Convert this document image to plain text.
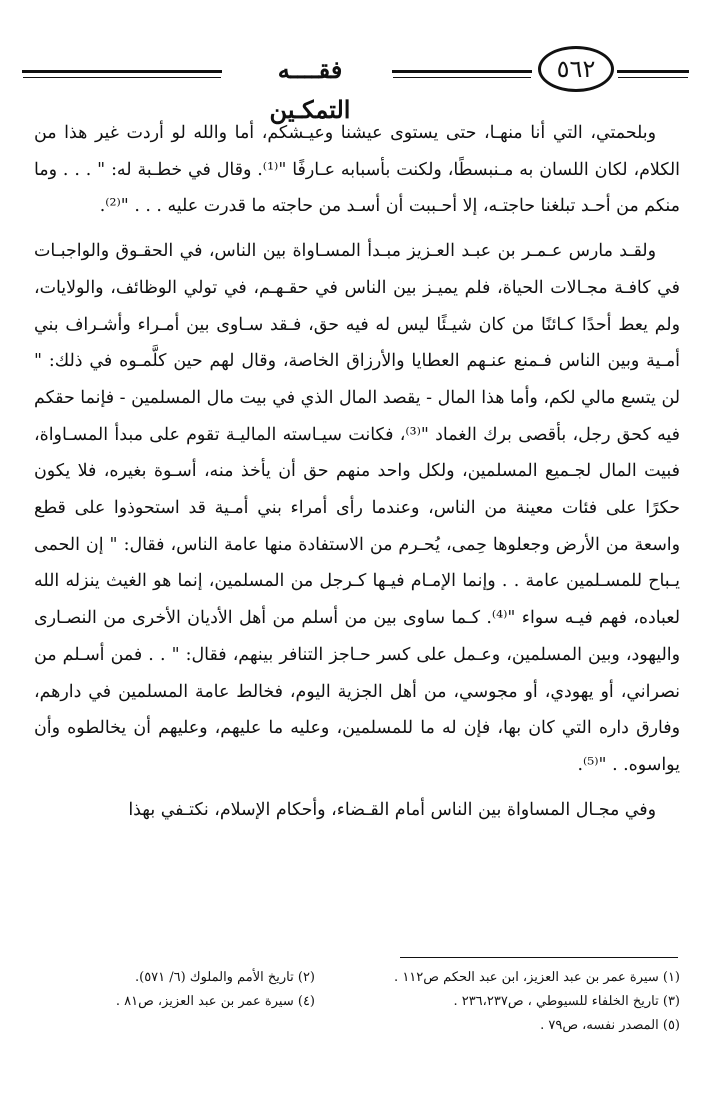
فقــــه التمكـين
٥٦٢

وبلحمتي، التي أنا منهـا، حتى يستوى عيشنا وعيـشكم، أما والله لو أردت غير هذا من الكلام، لكان اللسان به مـنبسطًا، ولكنت بأسبابه عـارفًا "⁽¹⁾. وقال في خطـبة له: " . . . وما منكم من أحـد تبلغنا حاجتـه، إلا أحـببت أن أسـد من حاجته ما قدرت عليه . . . "⁽²⁾.

ولقـد مارس عـمـر بن عبـد العـزيز مبـدأ المسـاواة بين الناس، في الحقـوق والواجبـات في كافـة مجـالات الحياة، فلم يميـز بين الناس في حقـهـم، في تولي الوظائف، والولايات، ولم يعط أحدًا كـائنًا من كان شيـئًا ليس له فيه حق، فـقد سـاوى بين أمـراء وأشـراف بني أمـية وبين الناس فـمنع عنـهم العطايا والأرزاق الخاصة، وقال لهم حين كلَّمـوه في ذلك: " لن يتسع مالي لكم، وأما هذا المال - يقصد المال الذي في بيت مال المسلمين - فإنما حقكم فيه كحق رجل، بأقصى برك الغماد "⁽³⁾، فكانت سيـاسته الماليـة تقوم على مبدأ المسـاواة، فبيت المال لجـميع المسلمين، ولكل واحد منهم حق أن يأخذ منه، أسـوة بغيره، فلا يكون حكرًا على فئات معينة من الناس، وعندما رأى أمراء بني أمـية قد استحوذوا على قطع واسعة من الأرض وجعلوها حِمى، يُحـرم من الاستفادة منها عامة الناس، فقال: " إن الحمى يـباح للمسـلمين عامة . . وإنما الإمـام فيـها كـرجل من المسلمين، إنما هو الغيث ينزله الله لعباده، فهم فيـه سواء "⁽⁴⁾. كـما ساوى بين من أسلم من أهل الأديان الأخرى من النصـارى واليهود، وبين المسلمين، وعـمل على كسر حـاجز التنافر بينهم، فقال: " . . فمن أسـلم من نصراني، أو يهودي، أو مجوسي، من أهل الجزية اليوم، فخالط عامة المسلمين في دارهم، وفارق داره التي كان بها، فإن له ما للمسلمين، وعليه ما عليهم، وعليهم أن يخالطوه وأن يواسوه. . "⁽⁵⁾.

وفي مجـال المساواة بين الناس أمام القـضاء، وأحكام الإسلام، نكتـفي بهذا

(١) سيرة عمر بن عبد العزيز، ابن عبد الحكم ص١١٢ .
(٢) تاريخ الأمم والملوك (٦/ ٥٧١).
(٣) تاريخ الخلفاء للسيوطي ، ص٢٣٦،٢٣٧ .
(٤) سيرة عمر بن عبد العزيز، ص٨١ .
(٥) المصدر نفسه، ص٧٩ .
